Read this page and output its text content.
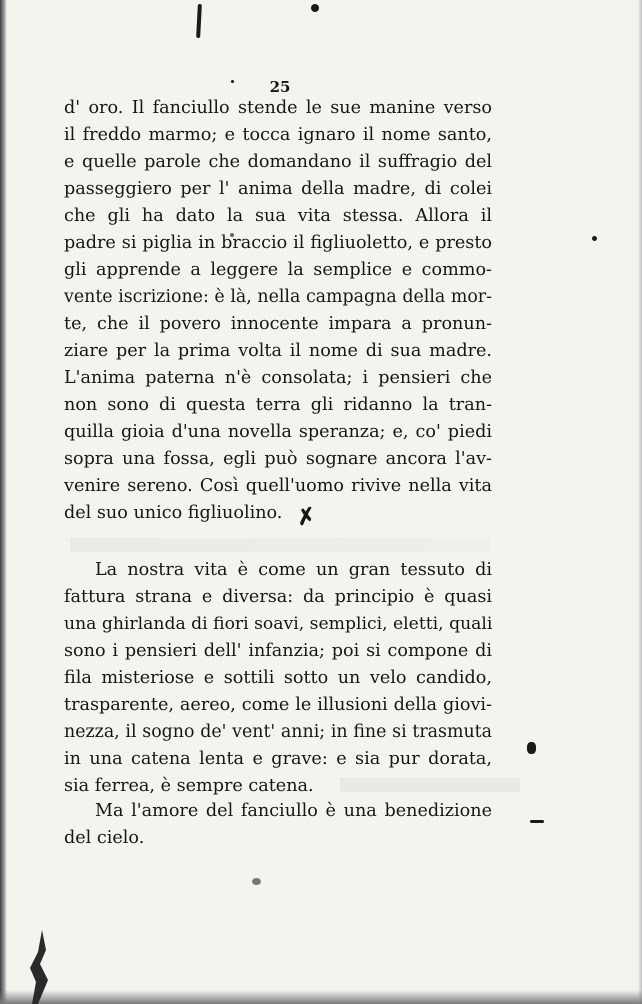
25
d' oro. Il fanciullo stende le sue manine verso
il freddo marmo; e tocca ignaro il nome santo,
e quelle parole che domandano il suffragio del
passeggiero per l' anima della madre, di colei
che gli ha dato la sua vita stessa. Allora il
padre si piglia in braccio il figliuoletto, e presto
gli apprende a leggere la semplice e commo-
vente iscrizione: è là, nella campagna della mor-
te, che il povero innocente impara a pronun-
ziare per la prima volta il nome di sua madre.
L'anima paterna n'è consolata; i pensieri che
non sono di questa terra gli ridanno la tran-
quilla gioia d'una novella speranza; e, co' piedi
sopra una fossa, egli può sognare ancora l'av-
venire sereno. Così quell'uomo rivive nella vita
del suo unico figliuolino.
La nostra vita è come un gran tessuto di
fattura strana e diversa: da principio è quasi
una ghirlanda di fiori soavi, semplici, eletti, quali
sono i pensieri dell' infanzia; poi si compone di
fila misteriose e sottili sotto un velo candido,
trasparente, aereo, come le illusioni della giovi-
nezza, il sogno de' vent' anni; in fine si trasmuta
in una catena lenta e grave: e sia pur dorata,
sia ferrea, è sempre catena.
Ma l'amore del fanciullo è una benedizione
del cielo.
✗
